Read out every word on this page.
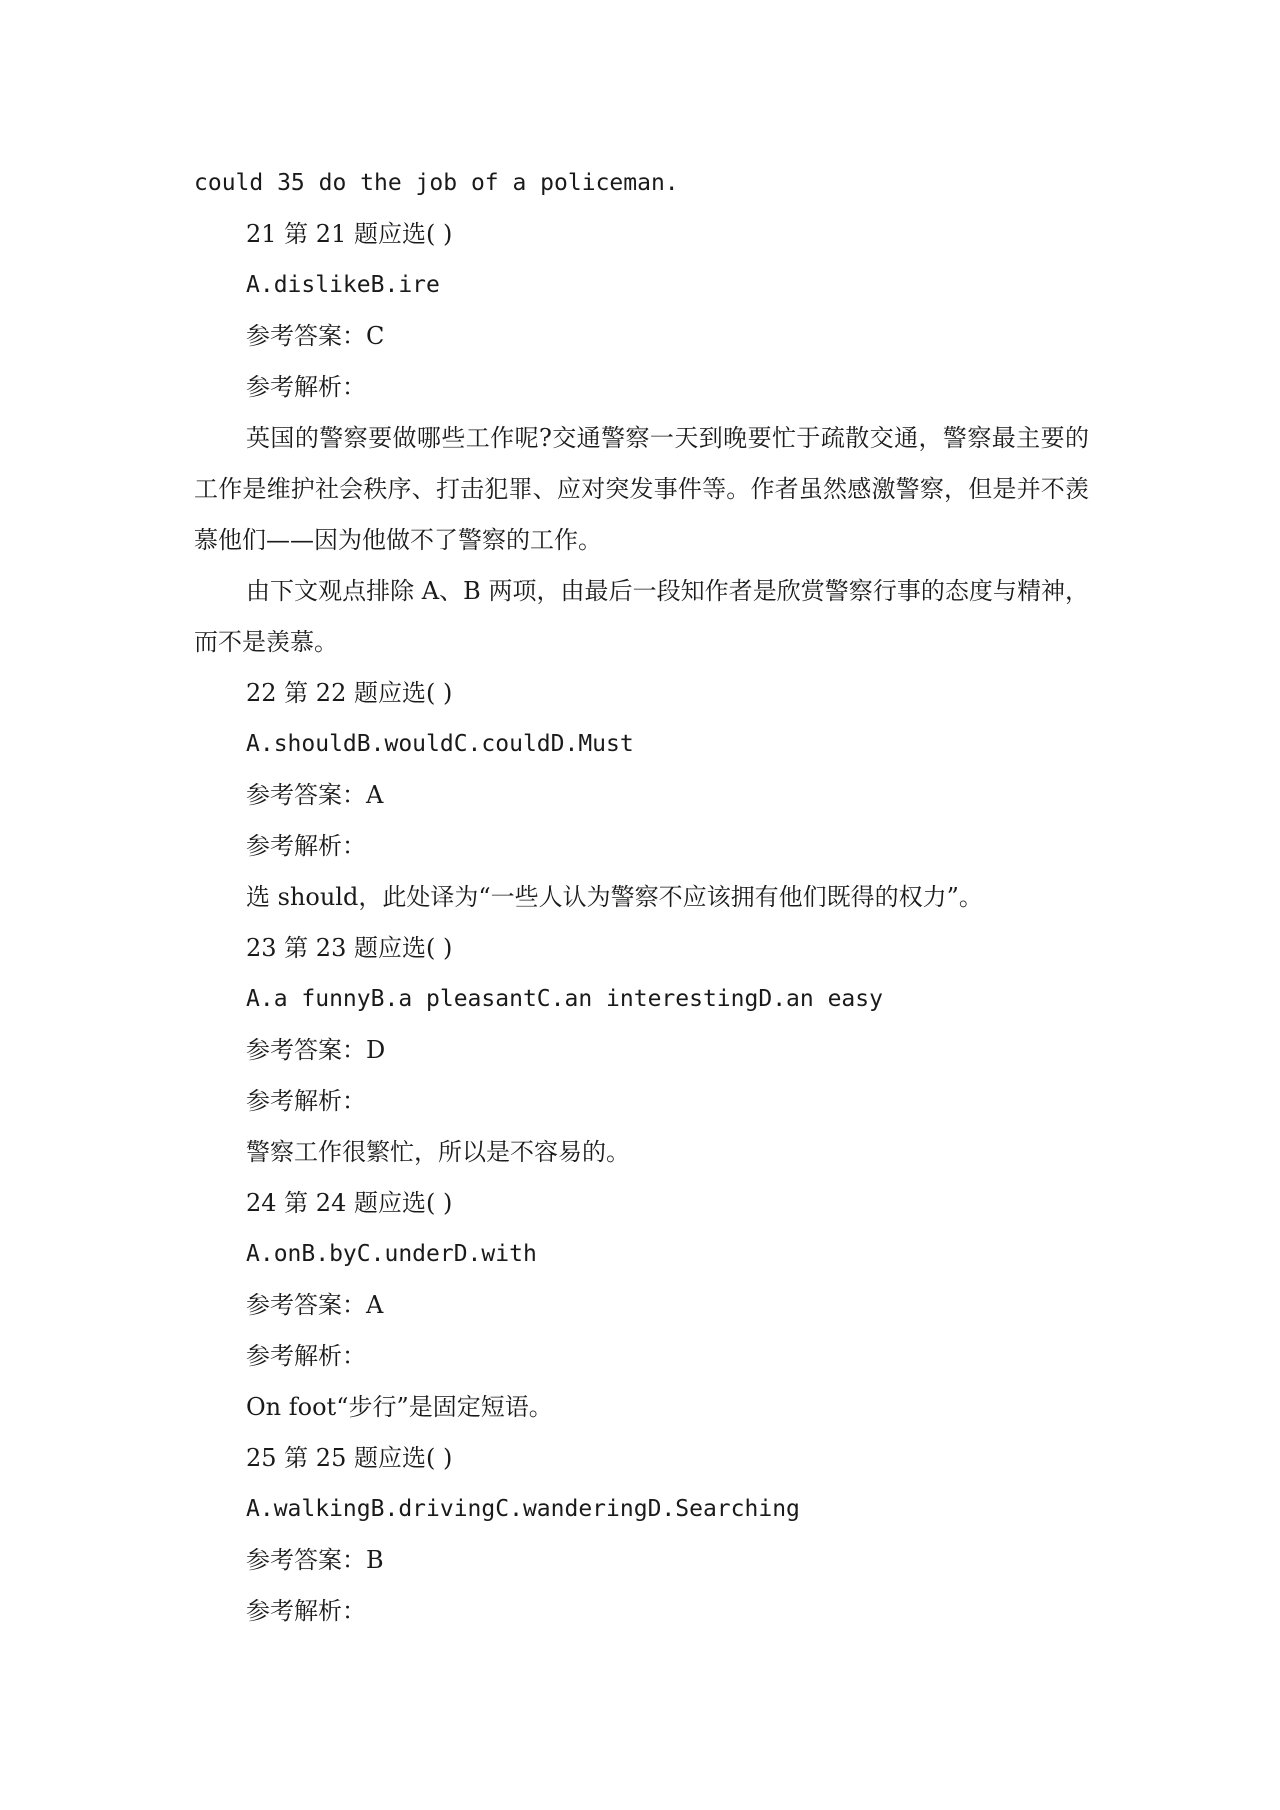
could 35 do the job of a policeman.
21 第 21 题应选( )
A.dislikeB.ire
参考答案：C
参考解析：
英国的警察要做哪些工作呢?交通警察一天到晚要忙于疏散交通，警察最主要的工作是维护社会秩序、打击犯罪、应对突发事件等。作者虽然感激警察，但是并不羡慕他们——因为他做不了警察的工作。
由下文观点排除 A、B 两项，由最后一段知作者是欣赏警察行事的态度与精神，而不是羡慕。
22 第 22 题应选( )
A.shouldB.wouldC.couldD.Must
参考答案：A
参考解析：
选 should，此处译为“一些人认为警察不应该拥有他们既得的权力”。
23 第 23 题应选( )
A.a funnyB.a pleasantC.an interestingD.an easy
参考答案：D
参考解析：
警察工作很繁忙，所以是不容易的。
24 第 24 题应选( )
A.onB.byC.underD.with
参考答案：A
参考解析：
On foot“步行”是固定短语。
25 第 25 题应选( )
A.walkingB.drivingC.wanderingD.Searching
参考答案：B
参考解析：
